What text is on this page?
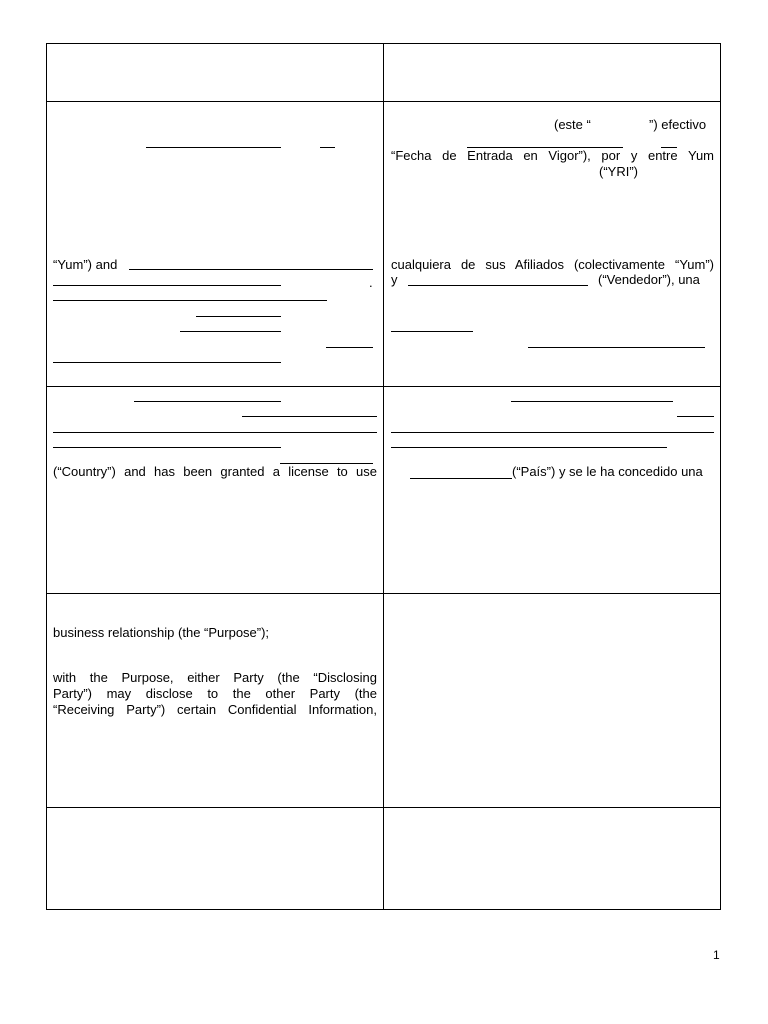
“Yum”) and
.
(“Country”) and has been granted a license to use
business relationship (the “Purpose”);
with the Purpose, either Party (the “Disclosing
Party”) may disclose to the other Party (the
“Receiving Party”) certain Confidential Information,
(este “	”) efectivo
“Fecha de Entrada en Vigor”), por y entre Yum
(“YRI”)
cualquiera de sus Afiliados (colectivamente “Yum”)
y	(“Vendedor”), una
(“País”) y se le ha concedido una
1
